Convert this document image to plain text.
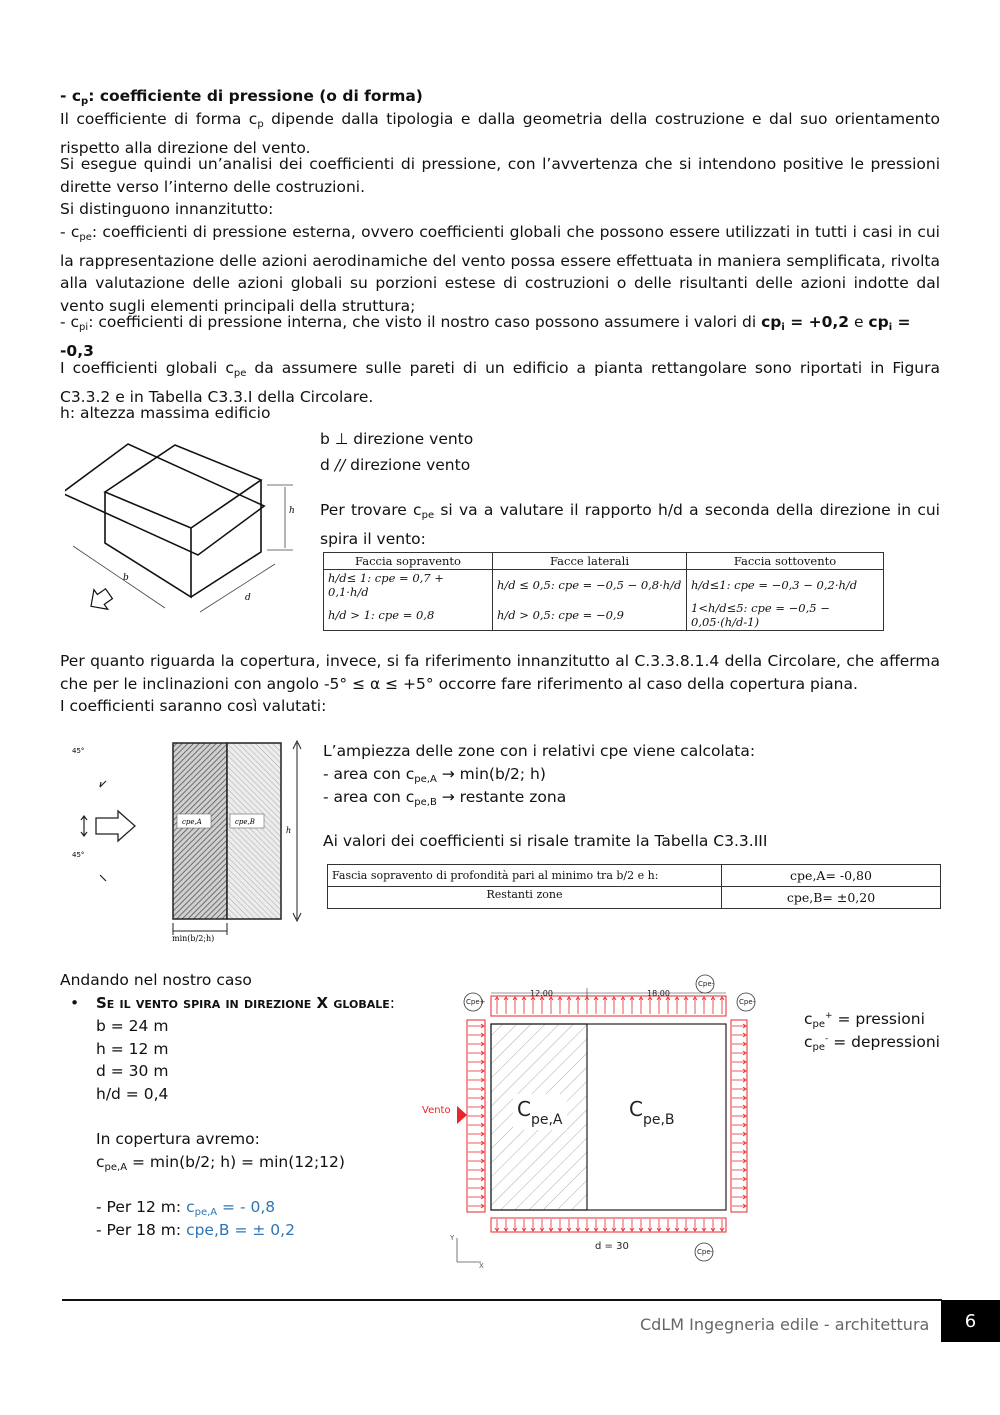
- $c_p$: coefficiente di pressione (o di forma)
Il coefficiente di forma $c_p$ dipende dalla tipologia e dalla geometria della costruzione e dal suo orientamento rispetto alla direzione del vento.
Si esegue quindi un’analisi dei coefficienti di pressione, con l’avvertenza che si intendono positive le pressioni dirette verso l’interno delle costruzioni.
Si distinguono innanzitutto:
- $c_{pe}$: coefficienti di pressione esterna, ovvero coefficienti globali che possono essere utilizzati in tutti i casi in cui la rappresentazione delle azioni aerodinamiche del vento possa essere effettuata in maniera semplificata, rivolta alla valutazione delle azioni globali su porzioni estese di costruzioni o delle risultanti delle azioni indotte dal vento sugli elementi principali della struttura;
- $c_{pi}$: coefficienti di pressione interna, che visto il nostro caso possono assumere i valori di $cp_i = +0,2$ e $cp_i = -0,3$
I coefficienti globali $c_{pe}$ da assumere sulle pareti di un edificio a pianta rettangolare sono riportati in Figura C3.3.2 e in Tabella C3.3.I della Circolare.
h: altezza massima edificio
h
b
d
b ⊥ direzione vento
d // direzione vento
Per trovare $c_{pe}$ si va a valutare il rapporto h/d a seconda della direzione in cui spira il vento:
Faccia sopravento	Facce laterali	Faccia sottovento
h/d≤ 1: cpe = 0,7 + 0,1·h/d	h/d ≤ 0,5: cpe = −0,5 − 0,8·h/d	h/d≤1: cpe = −0,3 − 0,2·h/d
h/d > 1: cpe = 0,8	h/d > 0,5: cpe = −0,9	1<h/d≤5: cpe = −0,5 − 0,05·(h/d-1)
Per quanto riguarda la copertura, invece, si fa riferimento innanzitutto al C.3.3.8.1.4 della Circolare, che afferma che per le inclinazioni con angolo -5° ≤ α ≤ +5° occorre fare riferimento al caso della copertura piana.
I coefficienti saranno così valutati:
cpe,A	cpe,B
h
min(b/2;h)
45°
45°
L’ampiezza delle zone con i relativi cpe viene calcolata:
- area con $c_{pe,A} \to \min(b/2$; h)
- area con $c_{pe,B}$ → restante zona
Ai valori dei coefficienti si risale tramite la Tabella C3.3.III
Fascia sopravento di profondità pari al minimo tra b/2 e h:	cpe,A= -0,80
Restanti zone	cpe,B= ±0,20
Andando nel nostro caso
• Se il vento spira in direzione X globale:
b = 24 m
h = 12 m
d = 30 m
h/d = 0,4
In copertura avremo:
$c_{pe,A} = \min(b/2$; h) = min(12;12)
- Per 12 m: $c_{pe,A}$ = - 0,8
- Per 18 m: cpe,B = ± 0,2
12.00	18.00
$C_{pe,A}$	$C_{pe,B}$
Vento
d = 30
Y
X
Cpe+
Cpe-
Cpe-
Cpe-
$c_{pe}^+$ = pressioni
$c_{pe}^-$ = depressioni
CdLM Ingegneria edile - architettura	6
